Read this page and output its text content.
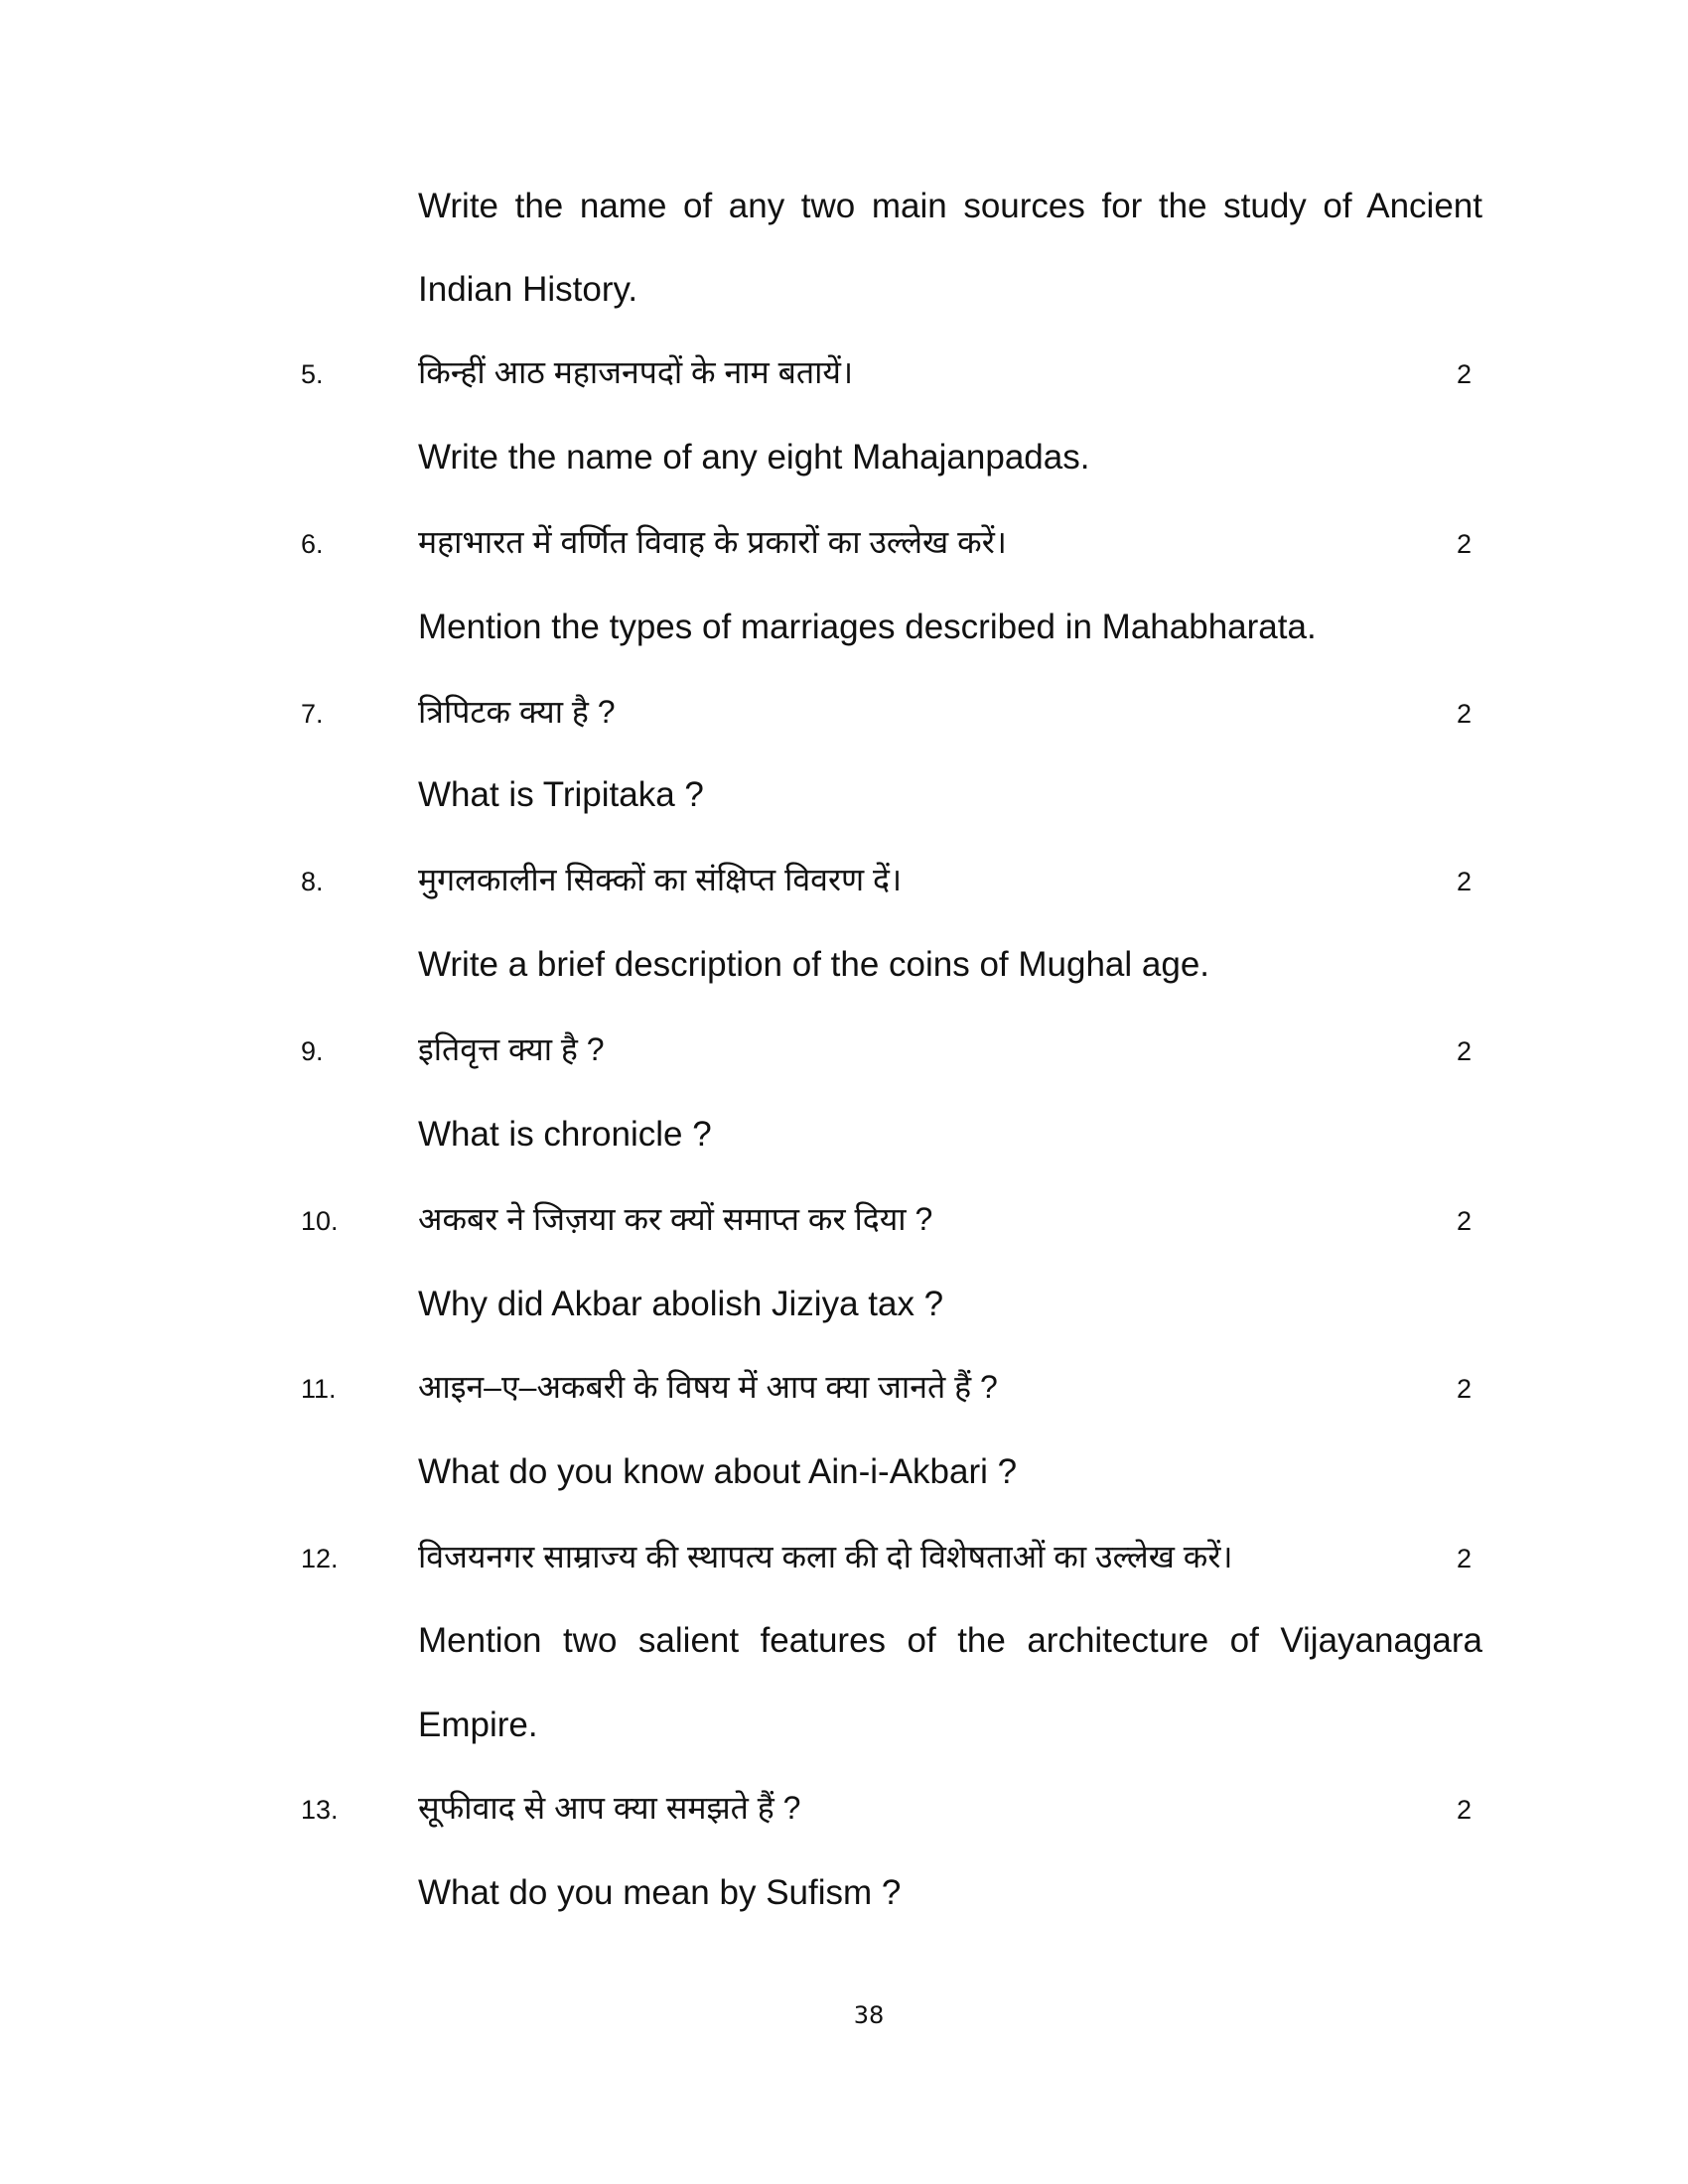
Write the name of any two main sources for the study of Ancient
Indian History.
5.	किन्हीं आठ महाजनपदों के नाम बतायें।	2
Write the name of any eight Mahajanpadas.
6.	महाभारत में वर्णित विवाह के प्रकारों का उल्लेख करें।	2
Mention the types of marriages described in Mahabharata.
7.	त्रिपिटक क्या है ?	2
What is Tripitaka ?
8.	मुगलकालीन सिक्कों का संक्षिप्त विवरण दें।	2
Write a brief description of the coins of Mughal age.
9.	इतिवृत्त क्या है ?	2
What is chronicle ?
10.	अकबर ने जिज़या कर क्यों समाप्त कर दिया ?	2
Why did Akbar abolish Jiziya tax ?
11.	आइन–ए–अकबरी के विषय में आप क्या जानते हैं ?	2
What do you know about Ain-i-Akbari ?
12.	विजयनगर साम्राज्य की स्थापत्य कला की दो विशेषताओं का उल्लेख करें।	2
Mention two salient features of the architecture of Vijayanagara
Empire.
13.	सूफीवाद से आप क्या समझते हैं ?	2
What do you mean by Sufism ?
38
